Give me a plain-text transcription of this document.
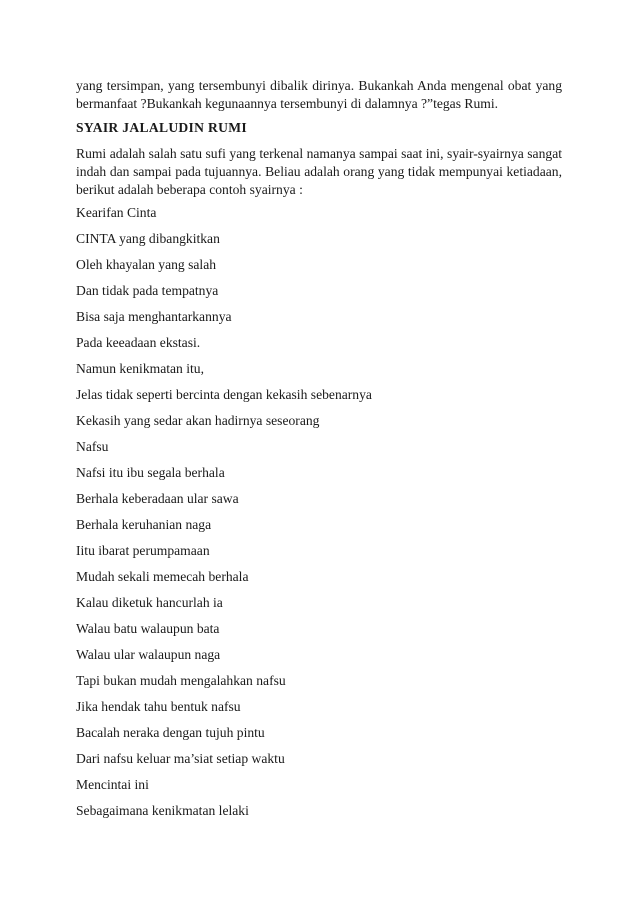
yang tersimpan, yang tersembunyi dibalik dirinya. Bukankah Anda mengenal obat yang bermanfaat ?Bukankah kegunaannya tersembunyi di dalamnya ?”tegas Rumi.

SYAIR JALALUDIN RUMI

Rumi adalah salah satu sufi yang terkenal namanya sampai saat ini, syair-syairnya sangat indah dan sampai pada tujuannya. Beliau adalah orang yang tidak mempunyai ketiadaan, berikut adalah beberapa contoh syairnya :

Kearifan Cinta
CINTA yang dibangkitkan
Oleh khayalan yang salah
Dan tidak pada tempatnya
Bisa saja menghantarkannya
Pada keeadaan ekstasi.
Namun kenikmatan itu,
Jelas tidak seperti bercinta dengan kekasih sebenarnya
Kekasih yang sedar akan hadirnya seseorang
Nafsu
Nafsi itu ibu segala berhala
Berhala keberadaan ular sawa
Berhala keruhanian naga
Iitu ibarat perumpamaan
Mudah sekali memecah berhala
Kalau diketuk hancurlah ia
Walau batu walaupun bata
Walau ular walaupun naga
Tapi bukan mudah mengalahkan nafsu
Jika hendak tahu bentuk nafsu
Bacalah neraka dengan tujuh pintu
Dari nafsu keluar ma’siat setiap waktu
Mencintai ini
Sebagaimana kenikmatan lelaki
